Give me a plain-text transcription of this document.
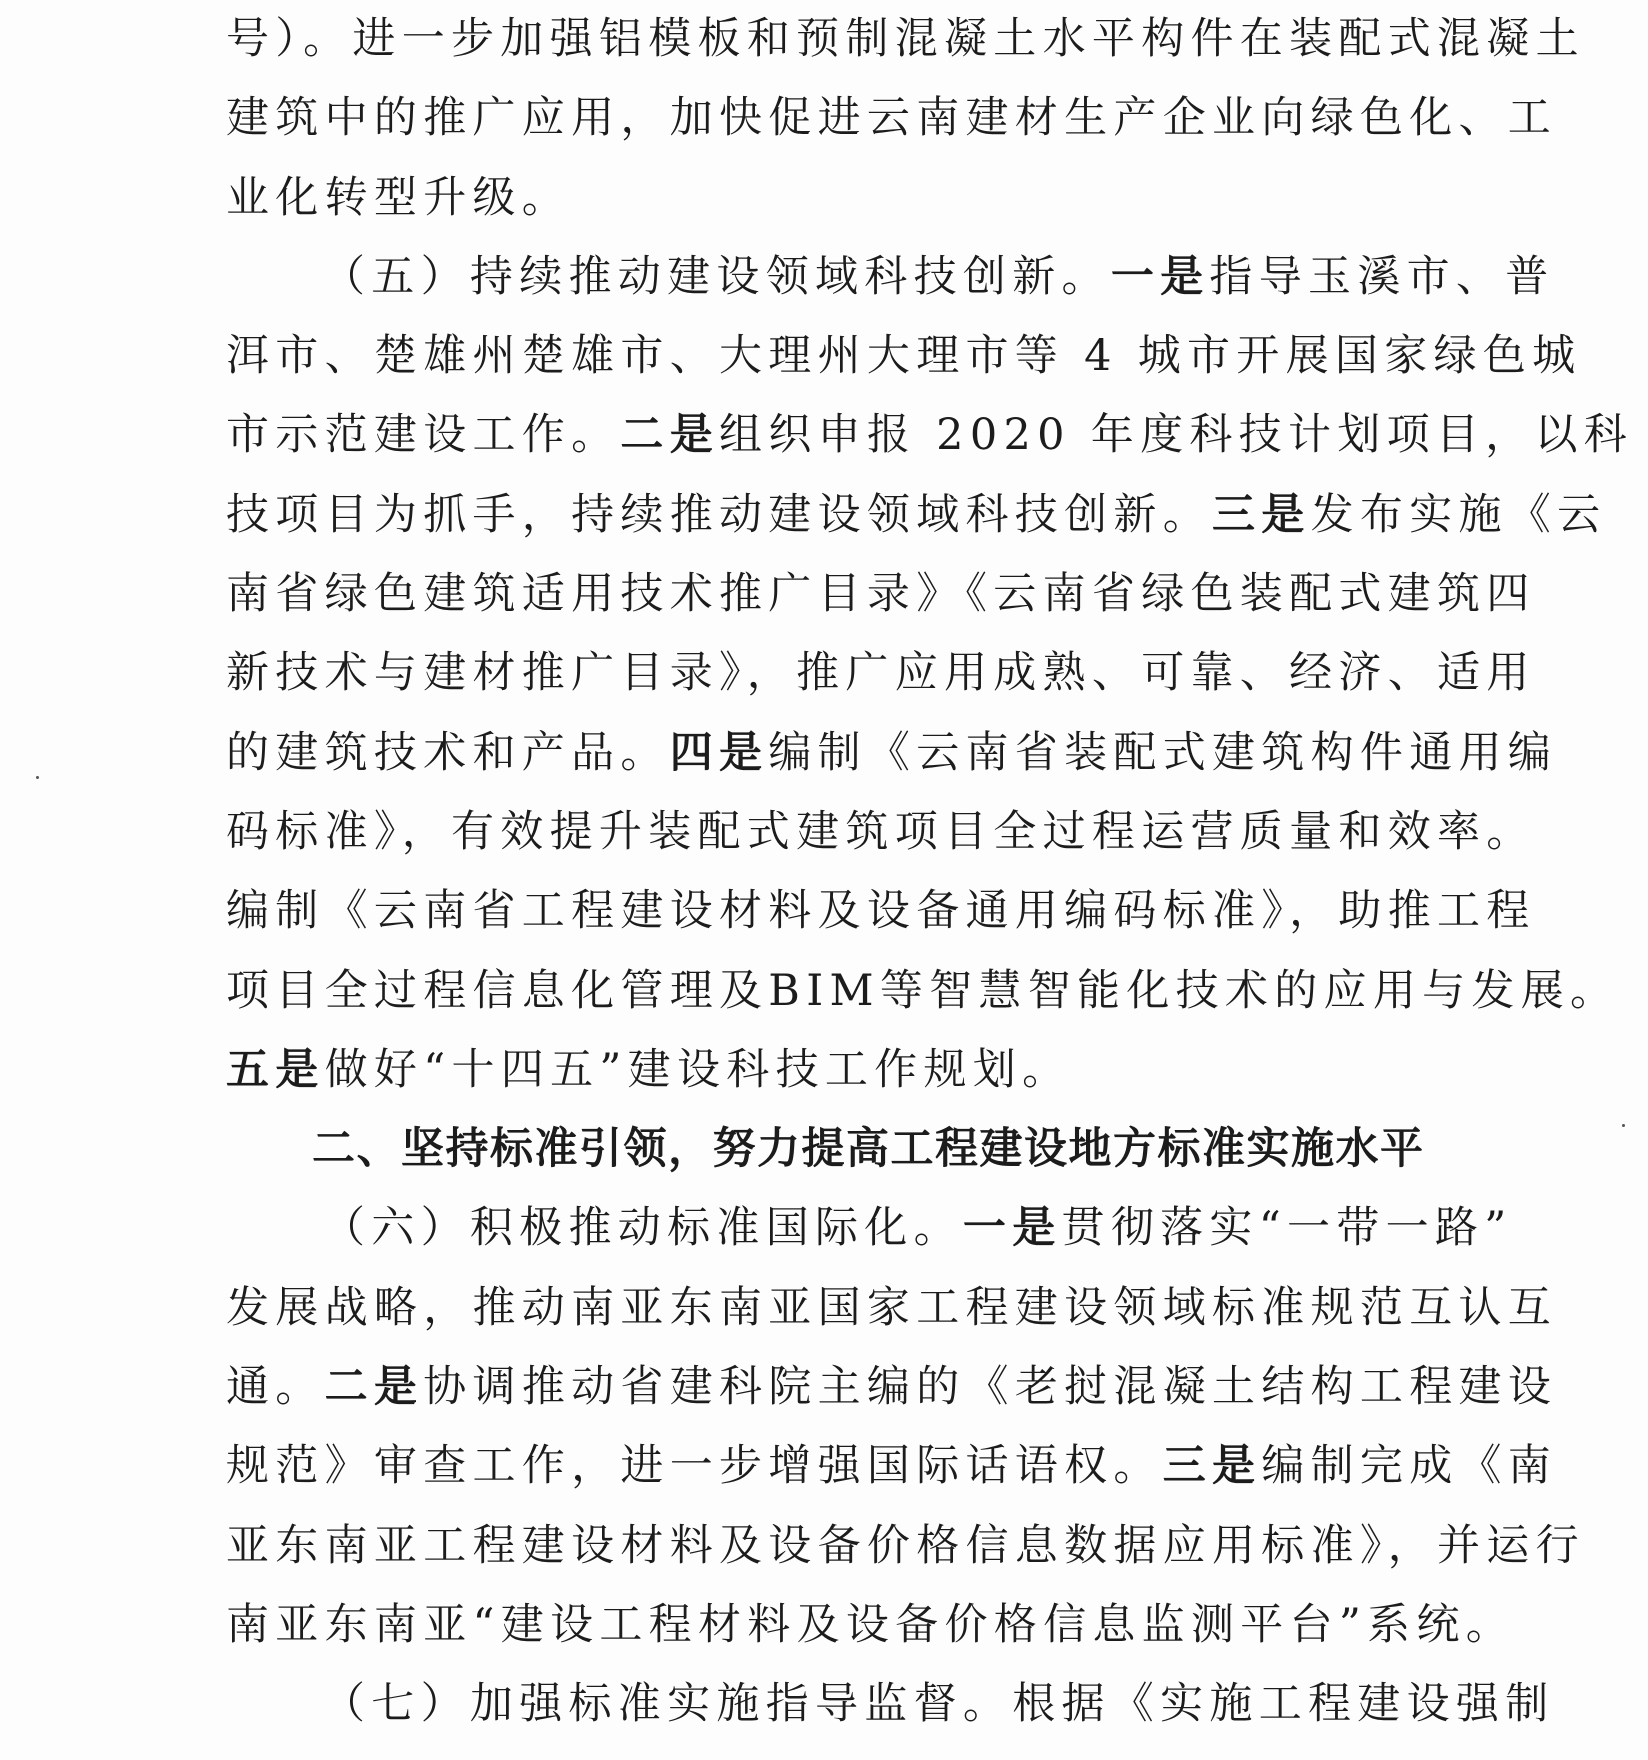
号）。进一步加强铝模板和预制混凝土水平构件在装配式混凝土
建筑中的推广应用，加快促进云南建材生产企业向绿色化、工
业化转型升级。
（五）持续推动建设领域科技创新。一是指导玉溪市、普
洱市、楚雄州楚雄市、大理州大理市等 4 城市开展国家绿色城
市示范建设工作。二是组织申报 2020 年度科技计划项目，以科
技项目为抓手，持续推动建设领域科技创新。三是发布实施《云
南省绿色建筑适用技术推广目录》《云南省绿色装配式建筑四
新技术与建材推广目录》，推广应用成熟、可靠、经济、适用
的建筑技术和产品。四是编制《云南省装配式建筑构件通用编
码标准》，有效提升装配式建筑项目全过程运营质量和效率。
编制《云南省工程建设材料及设备通用编码标准》，助推工程
项目全过程信息化管理及BIM等智慧智能化技术的应用与发展。
五是做好“十四五”建设科技工作规划。
二、坚持标准引领，努力提高工程建设地方标准实施水平
（六）积极推动标准国际化。一是贯彻落实“一带一路”
发展战略，推动南亚东南亚国家工程建设领域标准规范互认互
通。二是协调推动省建科院主编的《老挝混凝土结构工程建设
规范》审查工作，进一步增强国际话语权。三是编制完成《南
亚东南亚工程建设材料及设备价格信息数据应用标准》，并运行
南亚东南亚“建设工程材料及设备价格信息监测平台”系统。
（七）加强标准实施指导监督。根据《实施工程建设强制
